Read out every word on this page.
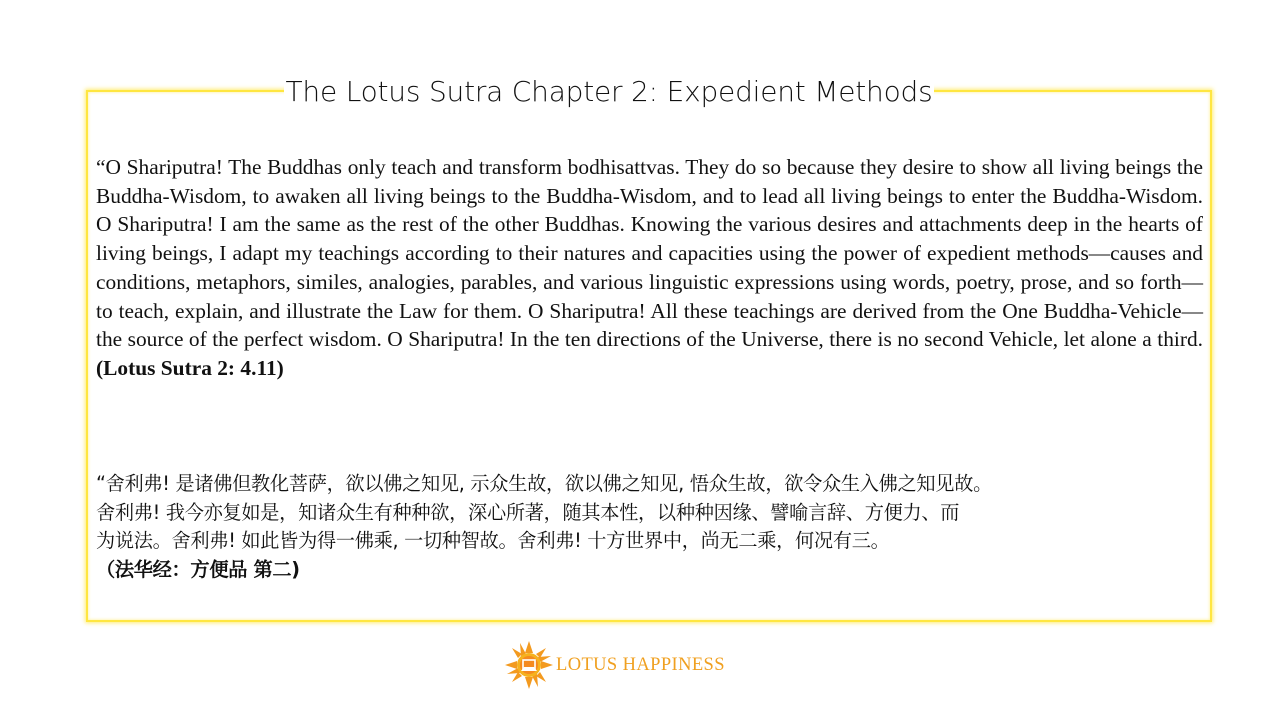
The Lotus Sutra Chapter 2: Expedient Methods

“O Shariputra! The Buddhas only teach and transform bodhisattvas. They do so because they desire to show all living beings the Buddha-Wisdom, to awaken all living beings to the Buddha-Wisdom, and to lead all living beings to enter the Buddha-Wisdom. O Shariputra! I am the same as the rest of the other Buddhas. Knowing the various desires and attachments deep in the hearts of living beings, I adapt my teachings according to their natures and capacities using the power of expedient methods—causes and conditions, metaphors, similes, analogies, parables, and various linguistic expressions using words, poetry, prose, and so forth—to teach, explain, and illustrate the Law for them. O Shariputra! All these teachings are derived from the One Buddha-Vehicle—the source of the perfect wisdom. O Shariputra! In the ten directions of the Universe, there is no second Vehicle, let alone a third. (Lotus Sutra 2: 4.11)

“舍利弗! 是诸佛但教化菩萨，欲以佛之知见, 示众生故，欲以佛之知见, 悟众生故，欲令众生入佛之知见故。
舍利弗! 我今亦复如是，知诸众生有种种欲，深心所著，随其本性，以种种因缘、譬喻言辞、方便力、而
为说法。舍利弗! 如此皆为得一佛乘, 一切种智故。舍利弗! 十方世界中，尚无二乘，何况有三。
（法华经：方便品 第二)

LOTUS HAPPINESS
